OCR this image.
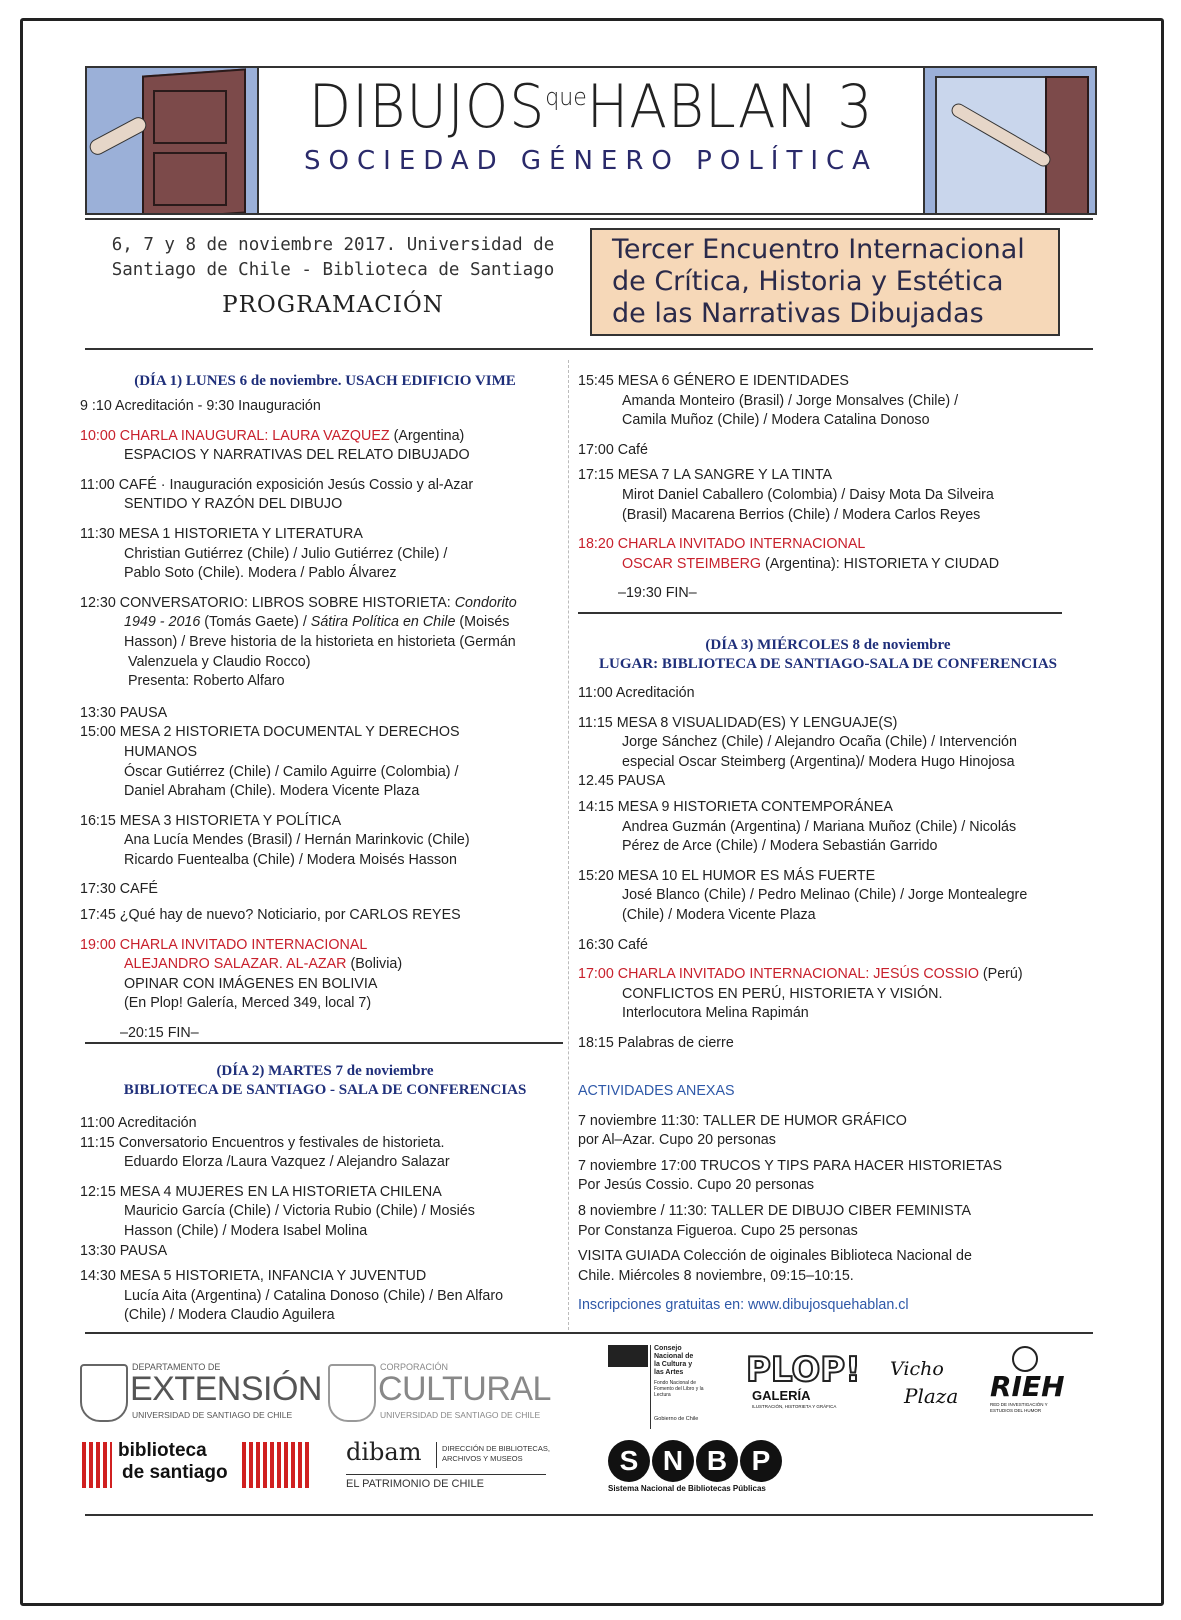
$DIBUJOS^{que}HABLAN$ 3
SOCIEDAD GÉNERO POLÍTICA
6, 7 y 8 de noviembre 2017. Universidad de
Santiago de Chile - Biblioteca de Santiago
PROGRAMACIÓN
Tercer Encuentro Internacional
de Crítica, Historia y Estética
de las Narrativas Dibujadas

(DÍA 1) LUNES 6 de noviembre. USACH EDIFICIO VIME

9 :10 Acreditación - 9:30 Inauguración

10:00 CHARLA INAUGURAL: LAURA VAZQUEZ (Argentina)

ESPACIOS Y NARRATIVAS DEL RELATO DIBUJADO

11:00 CAFÉ · Inauguración exposición Jesús Cossio y al-Azar

SENTIDO Y RAZÓN DEL DIBUJO

11:30 MESA 1 HISTORIETA Y LITERATURA

Christian Gutiérrez (Chile) / Julio Gutiérrez (Chile) /

Pablo Soto (Chile). Modera / Pablo Álvarez

12:30 CONVERSATORIO: LIBROS SOBRE HISTORIETA: Condorito

1949 - 2016 (Tomás Gaete) / Sátira Política en Chile (Moisés

Hasson) / Breve historia de la historieta en historieta (Germán

Valenzuela y Claudio Rocco)

Presenta: Roberto Alfaro

13:30 PAUSA

15:00 MESA 2 HISTORIETA DOCUMENTAL Y DERECHOS

HUMANOS

Óscar Gutiérrez (Chile) / Camilo Aguirre (Colombia) /

Daniel Abraham (Chile). Modera Vicente Plaza

16:15 MESA 3 HISTORIETA Y POLÍTICA

Ana Lucía Mendes (Brasil) / Hernán Marinkovic (Chile)

Ricardo Fuentealba (Chile) / Modera Moisés Hasson

17:30 CAFÉ

17:45 ¿Qué hay de nuevo? Noticiario, por CARLOS REYES

19:00 CHARLA INVITADO INTERNACIONAL

ALEJANDRO SALAZAR. AL-AZAR (Bolivia)

OPINAR CON IMÁGENES EN BOLIVIA

(En Plop! Galería, Merced 349, local 7)

–20:15 FIN–

(DÍA 2) MARTES 7 de noviembre

BIBLIOTECA DE SANTIAGO - SALA DE CONFERENCIAS

11:00 Acreditación

11:15 Conversatorio Encuentros y festivales de historieta.

Eduardo Elorza /Laura Vazquez / Alejandro Salazar

12:15 MESA 4 MUJERES EN LA HISTORIETA CHILENA

Mauricio García (Chile) / Victoria Rubio (Chile) / Mosiés

Hasson (Chile) / Modera Isabel Molina

13:30 PAUSA

14:30 MESA 5 HISTORIETA, INFANCIA Y JUVENTUD

Lucía Aita (Argentina) / Catalina Donoso (Chile) / Ben Alfaro

(Chile) / Modera Claudio Aguilera

15:45 MESA 6 GÉNERO E IDENTIDADES

Amanda Monteiro (Brasil) / Jorge Monsalves (Chile) /

Camila Muñoz (Chile) / Modera Catalina Donoso

17:00 Café

17:15 MESA 7 LA SANGRE Y LA TINTA

Mirot Daniel Caballero (Colombia) / Daisy Mota Da Silveira

(Brasil) Macarena Berrios (Chile) / Modera Carlos Reyes

18:20 CHARLA INVITADO INTERNACIONAL

OSCAR STEIMBERG (Argentina): HISTORIETA Y CIUDAD

–19:30 FIN–

(DÍA 3) MIÉRCOLES 8 de noviembre

LUGAR: BIBLIOTECA DE SANTIAGO-SALA DE CONFERENCIAS

11:00 Acreditación

11:15 MESA 8 VISUALIDAD(ES) Y LENGUAJE(S)

Jorge Sánchez (Chile) / Alejandro Ocaña (Chile) / Intervención

especial Oscar Steimberg (Argentina)/ Modera Hugo Hinojosa

12.45 PAUSA

14:15 MESA 9 HISTORIETA CONTEMPORÁNEA

Andrea Guzmán (Argentina) / Mariana Muñoz (Chile) / Nicolás

Pérez de Arce (Chile) / Modera Sebastián Garrido

15:20 MESA 10 EL HUMOR ES MÁS FUERTE

José Blanco (Chile) / Pedro Melinao (Chile) / Jorge Montealegre

(Chile) / Modera Vicente Plaza

16:30 Café

17:00 CHARLA INVITADO INTERNACIONAL: JESÚS COSSIO (Perú)

CONFLICTOS EN PERÚ, HISTORIETA Y VISIÓN.

Interlocutora Melina Rapimán

18:15 Palabras de cierre

ACTIVIDADES ANEXAS

7 noviembre 11:30: TALLER DE HUMOR GRÁFICO

por Al–Azar. Cupo 20 personas

7 noviembre 17:00 TRUCOS Y TIPS PARA HACER HISTORIETAS

Por Jesús Cossio. Cupo 20 personas

8 noviembre / 11:30: TALLER DE DIBUJO CIBER FEMINISTA

Por Constanza Figueroa. Cupo 25 personas

VISITA GUIADA Colección de oiginales Biblioteca Nacional de

Chile. Miércoles 8 noviembre, 09:15–10:15.

Inscripciones gratuitas en: www.dibujosquehablan.cl

DEPARTAMENTO DE
EXTENSIÓN
UNIVERSIDAD DE SANTIAGO DE CHILE
CORPORACIÓN
CULTURAL
UNIVERSIDAD DE SANTIAGO DE CHILE
biblioteca
de santiago
dibam	DIRECCIÓN DE BIBLIOTECAS,
ARCHIVOS Y MUSEOS
EL PATRIMONIO DE CHILE
Consejo
Nacional de
la Cultura y
las Artes
Fondo Nacional de Fomento del Libro y la Lectura
Gobierno de Chile
PLOP!
GALERÍA
ILUSTRACIÓN, HISTORIETA Y GRÁFICA
Vicho
Plaza RIEH
RED DE INVESTIGACIÓN Y ESTUDIOS DEL HUMOR
S N B P
Sistema Nacional de Bibliotecas Públicas
